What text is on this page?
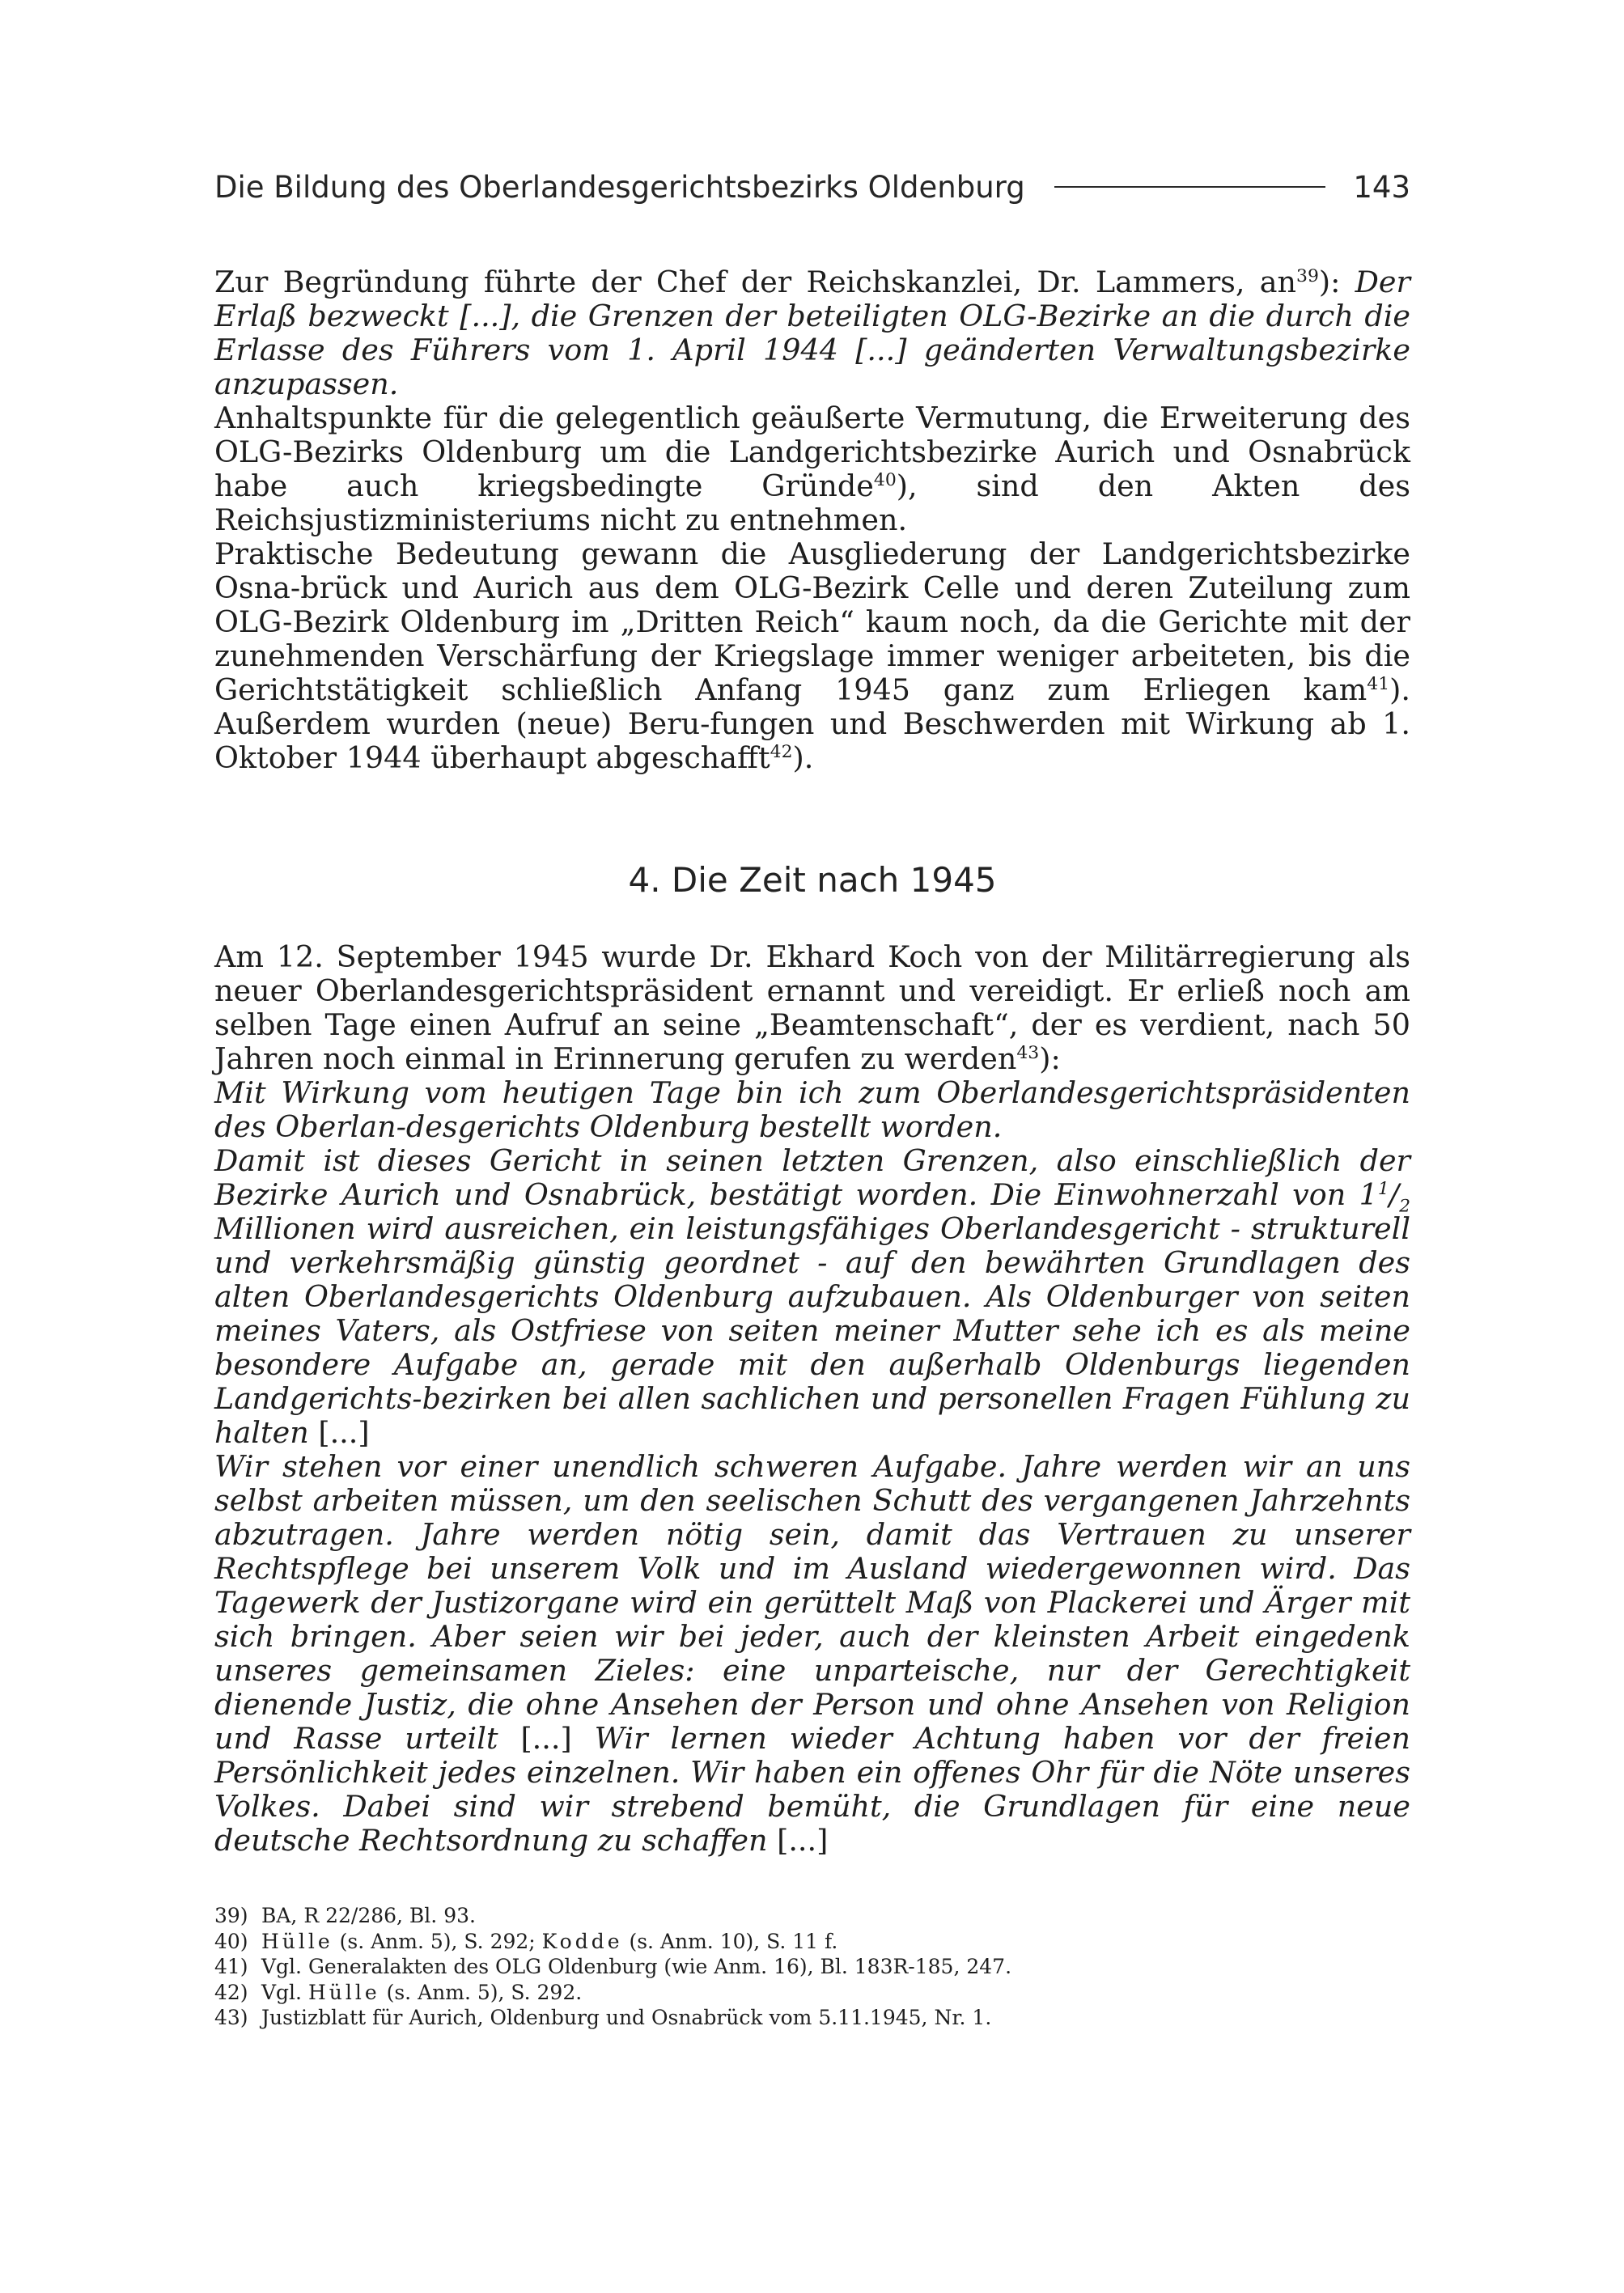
Die Bildung des Oberlandesgerichtsbezirks Oldenburg	143

Zur Begründung führte der Chef der Reichskanzlei, Dr. Lammers, $an^{39}$): Der Erlaß bezweckt [...], die Grenzen der beteiligten OLG-Bezirke an die durch die Erlasse des Führers vom 1. April 1944 [...] geänderten Verwaltungsbezirke anzupassen.

Anhaltspunkte für die gelegentlich geäußerte Vermutung, die Erweiterung des OLG-Bezirks Oldenburg um die Landgerichtsbezirke Aurich und Osnabrück habe auch kriegsbedingte Gründe$^{40}$), sind den Akten des Reichsjustizministeriums nicht zu entnehmen.

Praktische Bedeutung gewann die Ausgliederung der Landgerichtsbezirke Osna-brück und Aurich aus dem OLG-Bezirk Celle und deren Zuteilung zum OLG-Bezirk Oldenburg im „Dritten Reich“ kaum noch, da die Gerichte mit der zunehmenden Verschärfung der Kriegslage immer weniger arbeiteten, bis die Gerichtstätigkeit schließlich Anfang 1945 ganz zum Erliegen kam$^{41}$). Außerdem wurden (neue) Beru-fungen und Beschwerden mit Wirkung ab 1. Oktober 1944 überhaupt abgeschafft$^{42}$).

4. Die Zeit nach 1945

Am 12. September 1945 wurde Dr. Ekhard Koch von der Militärregierung als neuer Oberlandesgerichtspräsident ernannt und vereidigt. Er erließ noch am selben Tage einen Aufruf an seine „Beamtenschaft“, der es verdient, nach 50 Jahren noch einmal in Erinnerung gerufen zu werden$^{43}$):

Mit Wirkung vom heutigen Tage bin ich zum Oberlandesgerichtspräsidenten des Oberlan-desgerichts Oldenburg bestellt worden.

Damit ist dieses Gericht in seinen letzten Grenzen, also einschließlich der Bezirke Aurich und Osnabrück, bestätigt worden. Die Einwohnerzahl von $1^1/_2$ Millionen wird ausreichen, ein leistungsfähiges Oberlandesgericht - strukturell und verkehrsmäßig günstig geordnet - auf den bewährten Grundlagen des alten Oberlandesgerichts Oldenburg aufzubauen. Als Oldenburger von seiten meines Vaters, als Ostfriese von seiten meiner Mutter sehe ich es als meine besondere Aufgabe an, gerade mit den außerhalb Oldenburgs liegenden Landgerichts-bezirken bei allen sachlichen und personellen Fragen Fühlung zu halten [...]

Wir stehen vor einer unendlich schweren Aufgabe. Jahre werden wir an uns selbst arbeiten müssen, um den seelischen Schutt des vergangenen Jahrzehnts abzutragen. Jahre werden nötig sein, damit das Vertrauen zu unserer Rechtspflege bei unserem Volk und im Ausland wiedergewonnen wird. Das Tagewerk der Justizorgane wird ein gerüttelt Maß von Plackerei und Ärger mit sich bringen. Aber seien wir bei jeder, auch der kleinsten Arbeit eingedenk unseres gemeinsamen Zieles: eine unparteische, nur der Gerechtigkeit dienende Justiz, die ohne Ansehen der Person und ohne Ansehen von Religion und Rasse urteilt [...] Wir lernen wieder Achtung haben vor der freien Persönlichkeit jedes einzelnen. Wir haben ein offenes Ohr für die Nöte unseres Volkes. Dabei sind wir strebend bemüht, die Grundlagen für eine neue deutsche Rechtsordnung zu schaffen [...]

39) BA, R 22/286, Bl. 93.
40) Hülle (s. Anm. 5), S. 292; Kodde (s. Anm. 10), S. 11 f.
41) Vgl. Generalakten des OLG Oldenburg (wie Anm. 16), Bl. 183R-185, 247.
42) Vgl. Hülle (s. Anm. 5), S. 292.
43) Justizblatt für Aurich, Oldenburg und Osnabrück vom 5.11.1945, Nr. 1.
